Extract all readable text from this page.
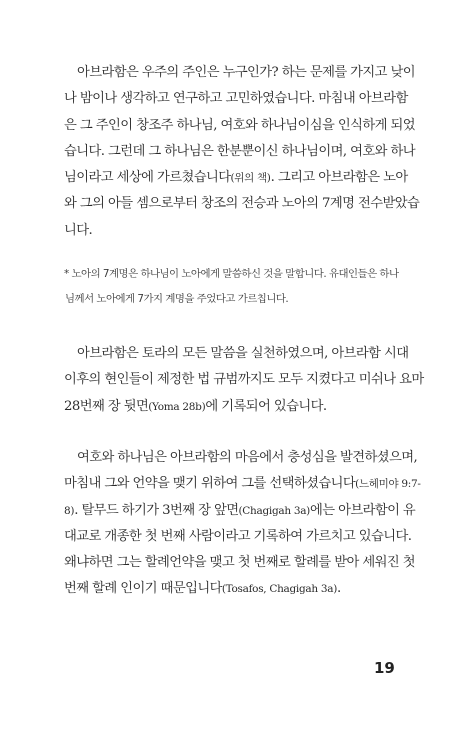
아브라함은 우주의 주인은 누구인가? 하는 문제를 가지고 낮이
나 밤이나 생각하고 연구하고 고민하였습니다. 마침내 아브라함
은 그 주인이 창조주 하나님, 여호와 하나님이심을 인식하게 되었
습니다. 그런데 그 하나님은 한분뿐이신 하나님이며, 여호와 하나
님이라고 세상에 가르쳤습니다(위의 책). 그리고 아브라함은 노아
와 그의 아들 셈으로부터 창조의 전승과 노아의 7계명 전수받았습
니다.
* 노아의 7계명은 하나님이 노아에게 말씀하신 것을 말합니다. 유대인들은 하나
님께서 노아에게 7가지 계명을 주었다고 가르칩니다.
아브라함은 토라의 모든 말씀을 실천하였으며, 아브라함 시대
이후의 현인들이 제정한 법 규범까지도 모두 지켰다고 미쉬나 요마
28번째 장 뒷면(Yoma 28b)에 기록되어 있습니다.
여호와 하나님은 아브라함의 마음에서 충성심을 발견하셨으며,
마침내 그와 언약을 맺기 위하여 그를 선택하셨습니다(느헤미야 9:7-
8). 탈무드 하기가 3번째 장 앞면(Chagigah 3a)에는 아브라함이 유
대교로 개종한 첫 번째 사람이라고 기록하여 가르치고 있습니다.
왜냐하면 그는 할례언약을 맺고 첫 번째로 할례를 받아 세워진 첫
번째 할례 인이기 때문입니다(Tosafos, Chagigah 3a).
19
